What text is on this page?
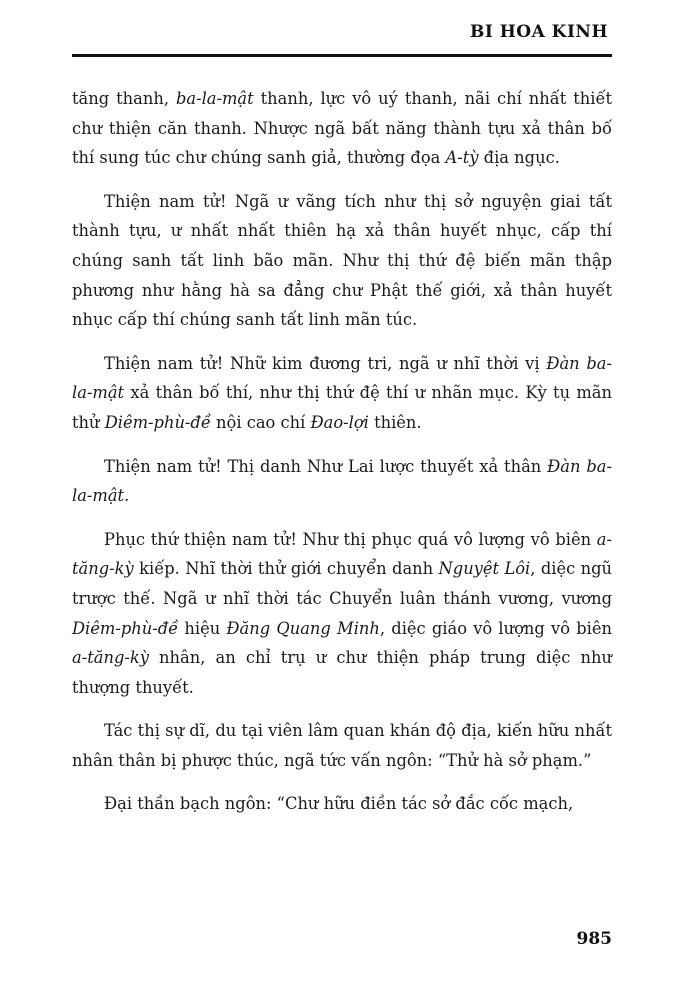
BI HOA KINH

tăng thanh, ba-la-mật thanh, lực vô uý thanh, nãi chí nhất thiết chư thiện căn thanh. Nhược ngã bất năng thành tựu xả thân bố thí sung túc chư chúng sanh giả, thường đọa A-tỳ địa ngục.

Thiện nam tử! Ngã ư vãng tích như thị sở nguyện giai tất thành tựu, ư nhất nhất thiên hạ xả thân huyết nhục, cấp thí chúng sanh tất linh bão mãn. Như thị thứ đệ biến mãn thập phương như hằng hà sa đẳng chư Phật thế giới, xả thân huyết nhục cấp thí chúng sanh tất linh mãn túc.

Thiện nam tử! Nhữ kim đương tri, ngã ư nhĩ thời vị Đàn ba-la-mật xả thân bố thí, như thị thứ đệ thí ư nhãn mục. Kỳ tụ mãn thử Diêm-phù-đề nội cao chí Đao-lợi thiên.

Thiện nam tử! Thị danh Như Lai lược thuyết xả thân Đàn ba-la-mật.

Phục thứ thiện nam tử! Như thị phục quá vô lượng vô biên a-tăng-kỳ kiếp. Nhĩ thời thử giới chuyển danh Nguyệt Lôi, diệc ngũ trược thế. Ngã ư nhĩ thời tác Chuyển luân thánh vương, vương Diêm-phù-đề hiệu Đăng Quang Minh, diệc giáo vô lượng vô biên a-tăng-kỳ nhân, an chỉ trụ ư chư thiện pháp trung diệc như thượng thuyết.

Tác thị sự dĩ, du tại viên lâm quan khán độ địa, kiến hữu nhất nhân thân bị phược thúc, ngã tức vấn ngôn: “Thử hà sở phạm.”

Đại thần bạch ngôn: “Chư hữu điền tác sở đắc cốc mạch,

985
